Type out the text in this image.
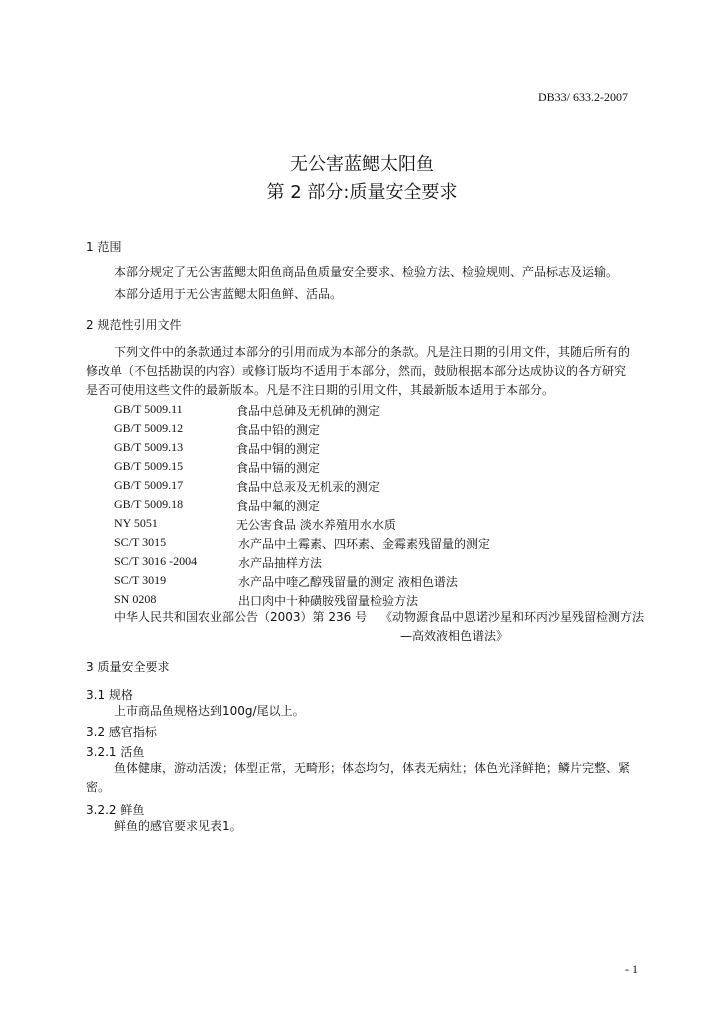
DB33/ 633.2-2007
无公害蓝鳃太阳鱼
第 2 部分:质量安全要求
1 范围
本部分规定了无公害蓝鳃太阳鱼商品鱼质量安全要求、检验方法、检验规则、产品标志及运输。
本部分适用于无公害蓝鳃太阳鱼鲜、活品。
2 规范性引用文件
下列文件中的条款通过本部分的引用而成为本部分的条款。凡是注日期的引用文件，其随后所有的
修改单（不包括勘误的内容）或修订版均不适用于本部分，然而，鼓励根据本部分达成协议的各方研究
是否可使用这些文件的最新版本。凡是不注日期的引用文件，其最新版本适用于本部分。
GB/T 5009.11	食品中总砷及无机砷的测定
GB/T 5009.12	食品中铅的测定
GB/T 5009.13	食品中铜的测定
GB/T 5009.15	食品中镉的测定
GB/T 5009.17	食品中总汞及无机汞的测定
GB/T 5009.18	食品中氟的测定
NY 5051	无公害食品 淡水养殖用水水质
SC/T 3015	水产品中土霉素、四环素、金霉素残留量的测定
SC/T 3016 -2004	水产品抽样方法
SC/T 3019	水产品中喹乙醇残留量的测定 液相色谱法
SN 0208	出口肉中十种磺胺残留量检验方法
中华人民共和国农业部公告（2003）第 236 号 《动物源食品中恩诺沙星和环丙沙星残留检测方法
—高效液相色谱法》
3 质量安全要求
3.1 规格
上市商品鱼规格达到100g/尾以上。
3.2 感官指标
3.2.1 活鱼
鱼体健康，游动活泼；体型正常，无畸形；体态均匀，体表无病灶；体色光泽鲜艳；鳞片完整、紧
密。
3.2.2 鲜鱼
鲜鱼的感官要求见表1。
- 1
